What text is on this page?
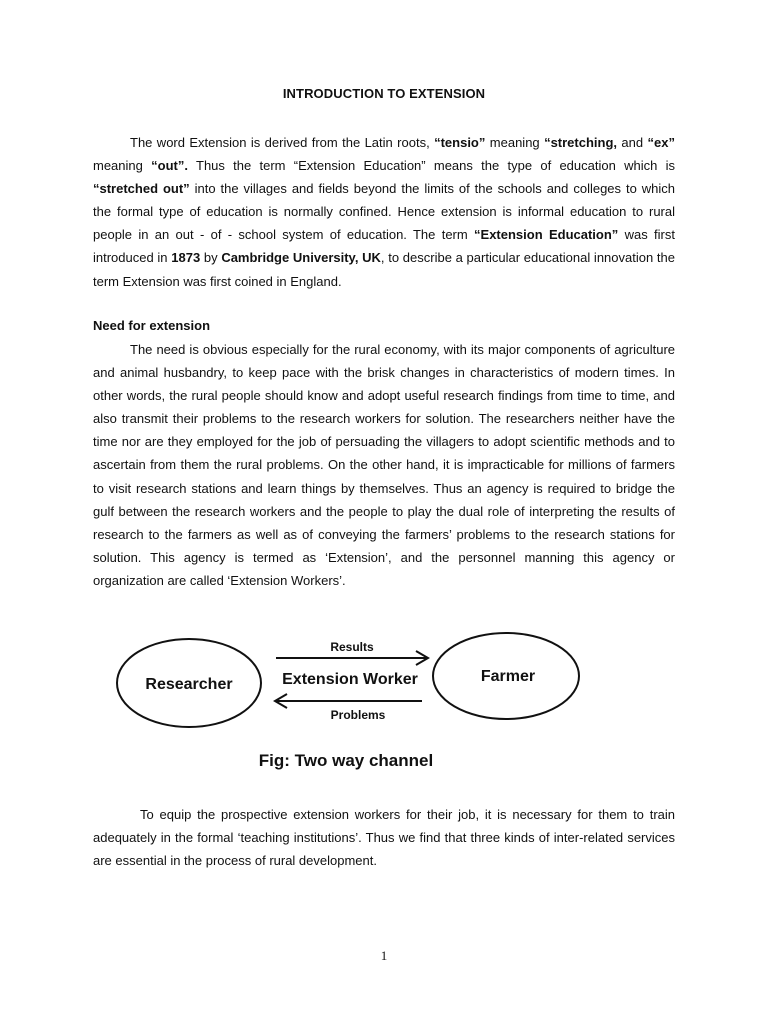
INTRODUCTION TO EXTENSION

The word Extension is derived from the Latin roots, “tensio” meaning “stretching, and “ex” meaning “out”. Thus the term “Extension Education” means the type of education which is “stretched out” into the villages and fields beyond the limits of the schools and colleges to which the formal type of education is normally confined. Hence extension is informal education to rural people in an out - of - school system of education. The term “Extension Education” was first introduced in 1873 by Cambridge University, UK, to describe a particular educational innovation the term Extension was first coined in England.

Need for extension

The need is obvious especially for the rural economy, with its major components of agriculture and animal husbandry, to keep pace with the brisk changes in characteristics of modern times. In other words, the rural people should know and adopt useful research findings from time to time, and also transmit their problems to the research workers for solution. The researchers neither have the time nor are they employed for the job of persuading the villagers to adopt scientific methods and to ascertain from them the rural problems. On the other hand, it is impracticable for millions of farmers to visit research stations and learn things by themselves. Thus an agency is required to bridge the gulf between the research workers and the people to play the dual role of interpreting the results of research to the farmers as well as of conveying the farmers’ problems to the research stations for solution. This agency is termed as ‘Extension’, and the personnel manning this agency or organization are called ‘Extension Workers’.

Researcher	Farmer
Extension Worker
Results
Problems
Fig: Two way channel

To equip the prospective extension workers for their job, it is necessary for them to train adequately in the formal ‘teaching institutions’. Thus we find that three kinds of inter-related services are essential in the process of rural development.

1
